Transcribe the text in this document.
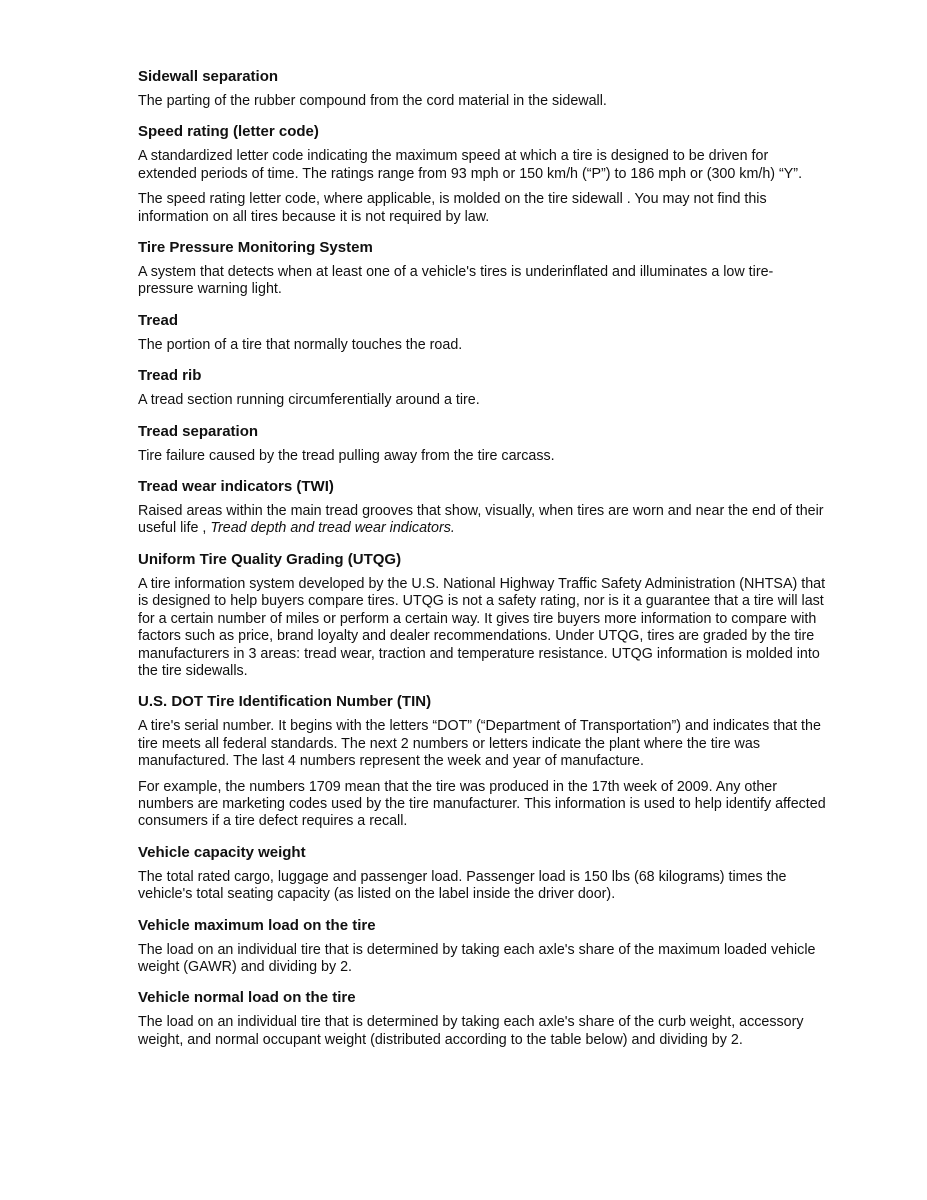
Sidewall separation
The parting of the rubber compound from the cord material in the sidewall.
Speed rating (letter code)
A standardized letter code indicating the maximum speed at which a tire is designed to be driven for extended periods of time. The ratings range from 93 mph or 150 km/h (“P”) to 186 mph or (300 km/h) “Y”.
The speed rating letter code, where applicable, is molded on the tire sidewall . You may not find this information on all tires because it is not required by law.
Tire Pressure Monitoring System
A system that detects when at least one of a vehicle's tires is underinflated and illuminates a low tire-pressure warning light.
Tread
The portion of a tire that normally touches the road.
Tread rib
A tread section running circumferentially around a tire.
Tread separation
Tire failure caused by the tread pulling away from the tire carcass.
Tread wear indicators (TWI)
Raised areas within the main tread grooves that show, visually, when tires are worn and near the end of their useful life , Tread depth and tread wear indicators.
Uniform Tire Quality Grading (UTQG)
A tire information system developed by the U.S. National Highway Traffic Safety Administration (NHTSA) that is designed to help buyers compare tires. UTQG is not a safety rating, nor is it a guarantee that a tire will last for a certain number of miles or perform a certain way. It gives tire buyers more information to compare with factors such as price, brand loyalty and dealer recommendations. Under UTQG, tires are graded by the tire manufacturers in 3 areas: tread wear, traction and temperature resistance. UTQG information is molded into the tire sidewalls.
U.S. DOT Tire Identification Number (TIN)
A tire's serial number. It begins with the letters “DOT” (“Department of Transportation”) and indicates that the tire meets all federal standards. The next 2 numbers or letters indicate the plant where the tire was manufactured. The last 4 numbers represent the week and year of manufacture.
For example, the numbers 1709 mean that the tire was produced in the 17th week of 2009. Any other numbers are marketing codes used by the tire manufacturer. This information is used to help identify affected consumers if a tire defect requires a recall.
Vehicle capacity weight
The total rated cargo, luggage and passenger load. Passenger load is 150 lbs (68 kilograms) times the vehicle's total seating capacity (as listed on the label inside the driver door).
Vehicle maximum load on the tire
The load on an individual tire that is determined by taking each axle's share of the maximum loaded vehicle weight (GAWR) and dividing by 2.
Vehicle normal load on the tire
The load on an individual tire that is determined by taking each axle's share of the curb weight, accessory weight, and normal occupant weight (distributed according to the table below) and dividing by 2.
